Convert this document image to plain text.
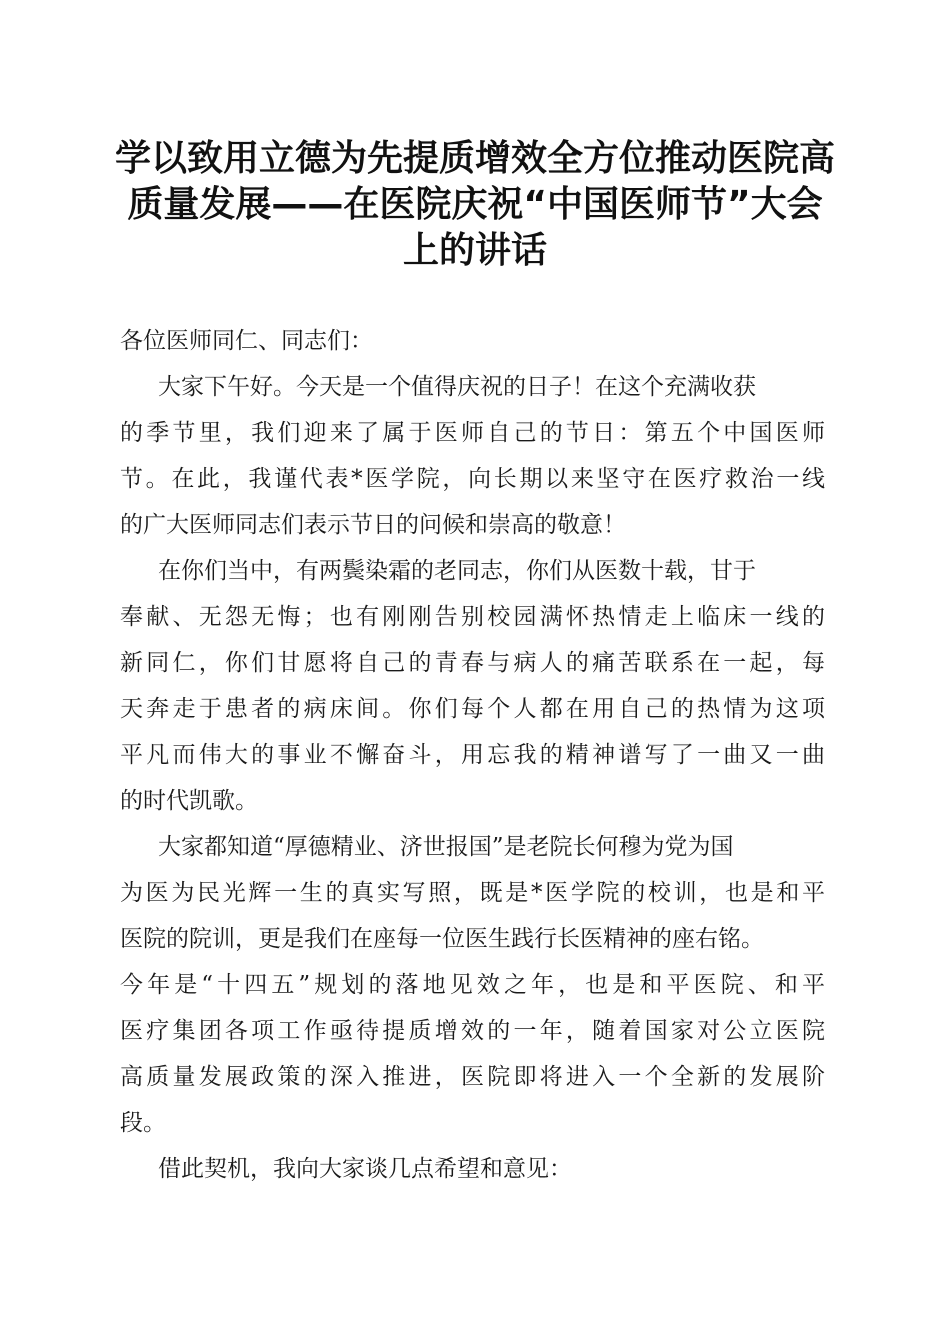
学以致用立德为先提质增效全方位推动医院高
质量发展——在医院庆祝“中国医师节”大会
上的讲话

各位医师同仁、同志们：

大家下午好。今天是一个值得庆祝的日子！在这个充满收获
的季节里，我们迎来了属于医师自己的节日：第五个中国医师
节。在此，我谨代表*医学院，向长期以来坚守在医疗救治一线
的广大医师同志们表示节日的问候和崇高的敬意！

在你们当中，有两鬓染霜的老同志，你们从医数十载，甘于
奉献、无怨无悔；也有刚刚告别校园满怀热情走上临床一线的
新同仁，你们甘愿将自己的青春与病人的痛苦联系在一起，每
天奔走于患者的病床间。你们每个人都在用自己的热情为这项
平凡而伟大的事业不懈奋斗，用忘我的精神谱写了一曲又一曲
的时代凯歌。

大家都知道“厚德精业、济世报国”是老院长何穆为党为国
为医为民光辉一生的真实写照，既是*医学院的校训，也是和平
医院的院训，更是我们在座每一位医生践行长医精神的座右铭。
今年是“十四五”规划的落地见效之年，也是和平医院、和平
医疗集团各项工作亟待提质增效的一年，随着国家对公立医院
高质量发展政策的深入推进，医院即将进入一个全新的发展阶
段。

借此契机，我向大家谈几点希望和意见：
